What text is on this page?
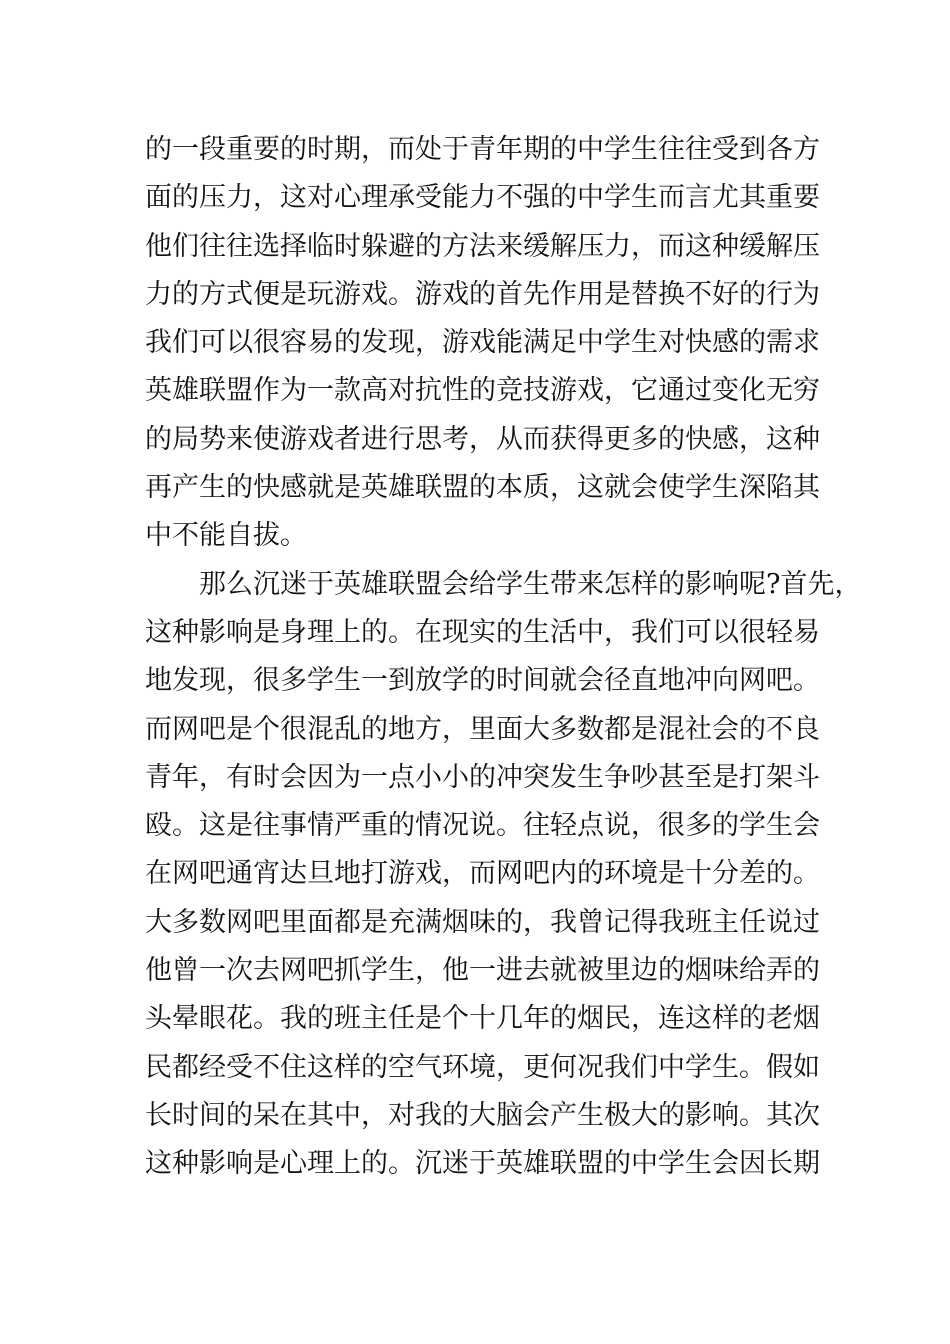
的一段重要的时期，而处于青年期的中学生往往受到各方
面的压力，这对心理承受能力不强的中学生而言尤其重要
他们往往选择临时躲避的方法来缓解压力，而这种缓解压
力的方式便是玩游戏。游戏的首先作用是替换不好的行为
我们可以很容易的发现，游戏能满足中学生对快感的需求
英雄联盟作为一款高对抗性的竞技游戏，它通过变化无穷
的局势来使游戏者进行思考，从而获得更多的快感，这种
再产生的快感就是英雄联盟的本质，这就会使学生深陷其
中不能自拔。
那么沉迷于英雄联盟会给学生带来怎样的影响呢?首先，
这种影响是身理上的。在现实的生活中，我们可以很轻易
地发现，很多学生一到放学的时间就会径直地冲向网吧。
而网吧是个很混乱的地方，里面大多数都是混社会的不良
青年，有时会因为一点小小的冲突发生争吵甚至是打架斗
殴。这是往事情严重的情况说。往轻点说，很多的学生会
在网吧通宵达旦地打游戏，而网吧内的环境是十分差的。
大多数网吧里面都是充满烟味的，我曾记得我班主任说过
他曾一次去网吧抓学生，他一进去就被里边的烟味给弄的
头晕眼花。我的班主任是个十几年的烟民，连这样的老烟
民都经受不住这样的空气环境，更何况我们中学生。假如
长时间的呆在其中，对我的大脑会产生极大的影响。其次
这种影响是心理上的。沉迷于英雄联盟的中学生会因长期
